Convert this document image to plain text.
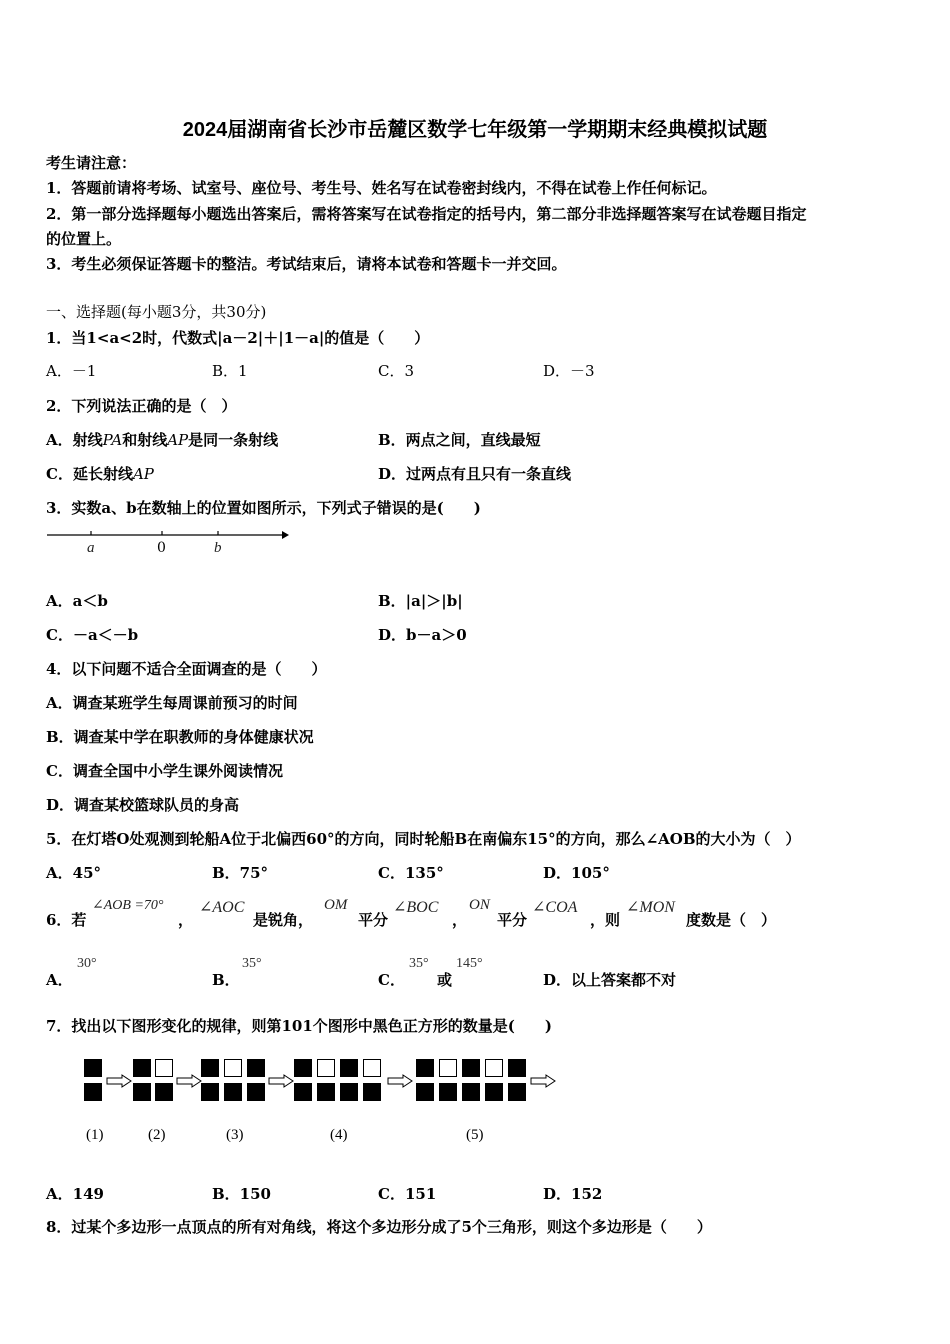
2024届湖南省长沙市岳麓区数学七年级第一学期期末经典模拟试题
考生请注意：
1．答题前请将考场、试室号、座位号、考生号、姓名写在试卷密封线内，不得在试卷上作任何标记。
2．第一部分选择题每小题选出答案后，需将答案写在试卷指定的括号内，第二部分非选择题答案写在试卷题目指定
的位置上。
3．考生必须保证答题卡的整洁。考试结束后，请将本试卷和答题卡一并交回。
一、选择题(每小题3分，共30分)
1．当1<a<2时，代数式|a－2|＋|1－a|的值是（　　）
A．－1	B．1	C．3	D．－3
2．下列说法正确的是（　）
A．射线PA和射线AP是同一条射线	B．两点之间，直线最短
C．延长射线AP	D．过两点有且只有一条直线
3．实数a、b在数轴上的位置如图所示，下列式子错误的是(　　)
a	0	b
A．a＜b	B．|a|＞|b|
C．－a＜－b	D．b－a＞0
4．以下问题不适合全面调查的是（　　）
A．调查某班学生每周课前预习的时间
B．调查某中学在职教师的身体健康状况
C．调查全国中小学生课外阅读情况
D．调查某校篮球队员的身高
5．在灯塔O处观测到轮船A位于北偏西60°的方向，同时轮船B在南偏东15°的方向，那么∠AOB的大小为（　）
A．45°	B．75°	C．135°	D．105°
6．若
∠AOB =70°
，
∠AOC
是锐角，
OM
平分
∠BOC
，
ON
平分
∠COA
，则
∠MON
度数是（　）
A．
30°
B．
35°
C．
35°
或
145°
D．以上答案都不对
7．找出以下图形变化的规律，则第101个图形中黑色正方形的数量是(　　)
(1)	(2)	(3)	(4)	(5)
A．149	B．150	C．151	D．152
8．过某个多边形一点顶点的所有对角线，将这个多边形分成了5个三角形，则这个多边形是（　　）
